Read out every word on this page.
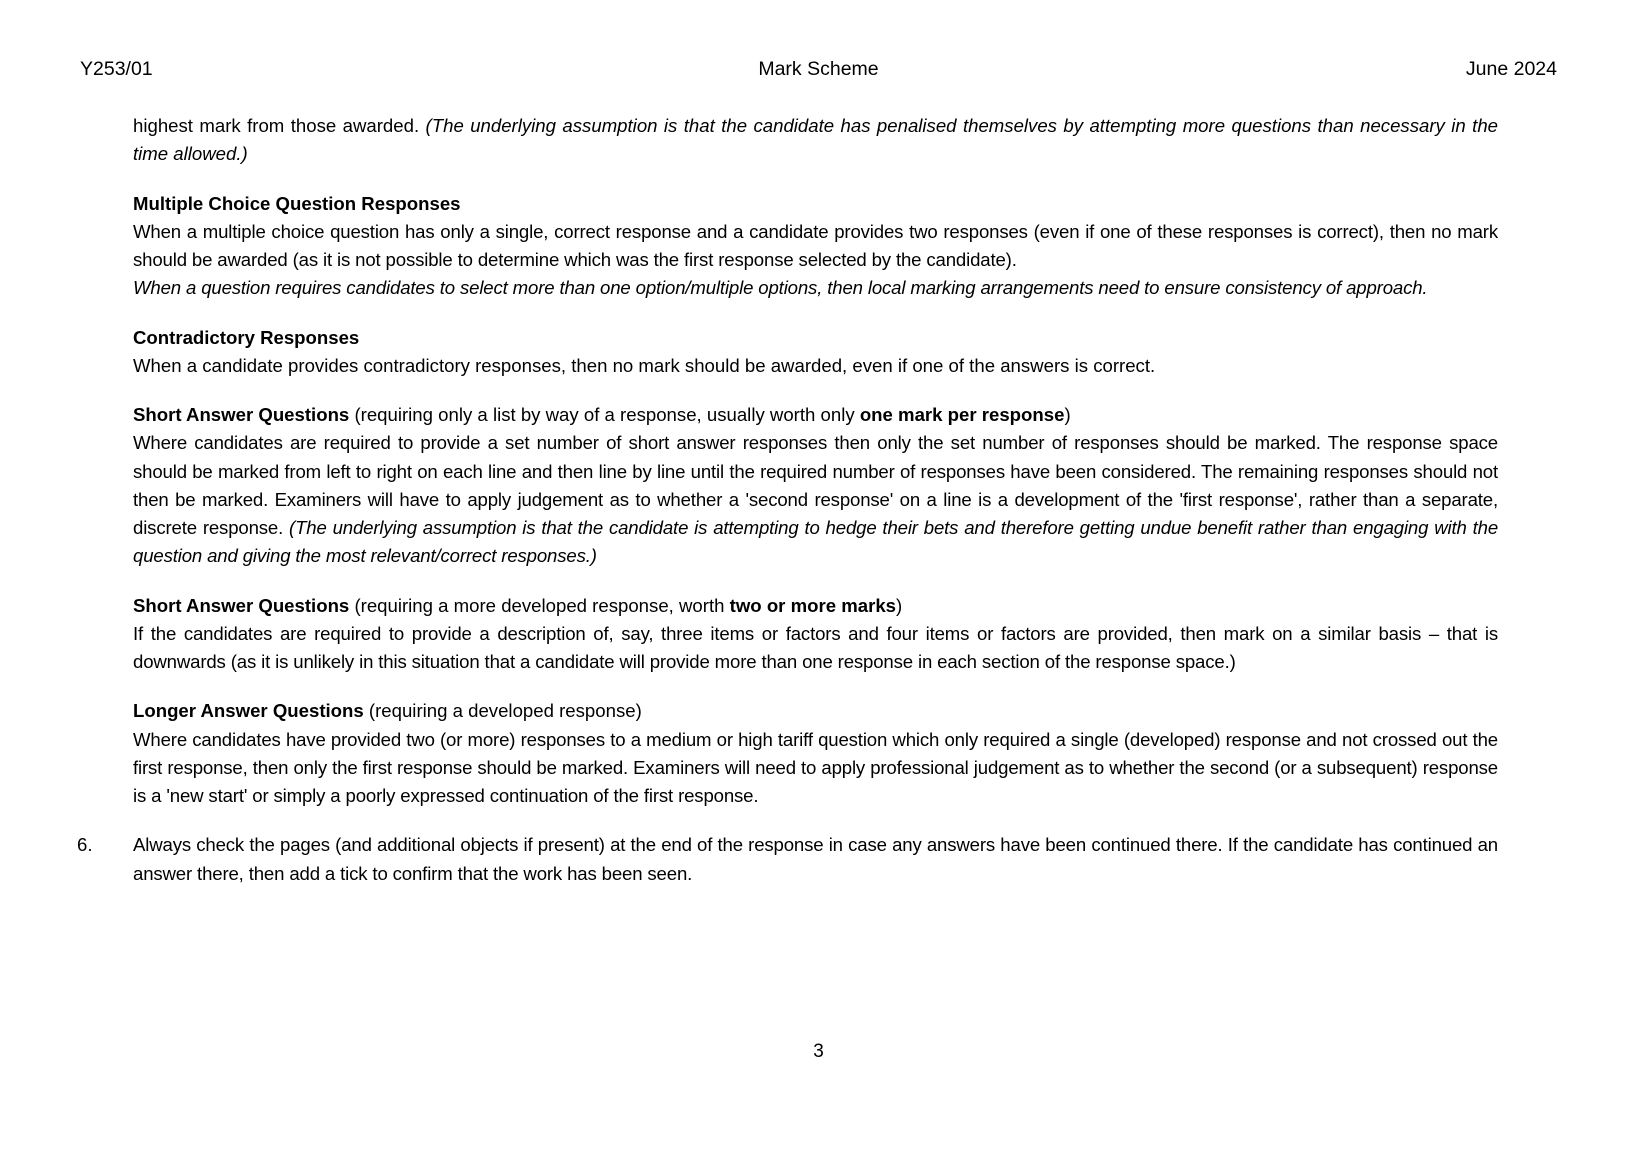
Y253/01	Mark Scheme	June 2024

highest mark from those awarded. (The underlying assumption is that the candidate has penalised themselves by attempting more questions than necessary in the time allowed.)

Multiple Choice Question Responses

When a multiple choice question has only a single, correct response and a candidate provides two responses (even if one of these responses is correct), then no mark should be awarded (as it is not possible to determine which was the first response selected by the candidate).

When a question requires candidates to select more than one option/multiple options, then local marking arrangements need to ensure consistency of approach.

Contradictory Responses

When a candidate provides contradictory responses, then no mark should be awarded, even if one of the answers is correct.

Short Answer Questions (requiring only a list by way of a response, usually worth only one mark per response)

Where candidates are required to provide a set number of short answer responses then only the set number of responses should be marked. The response space should be marked from left to right on each line and then line by line until the required number of responses have been considered. The remaining responses should not then be marked. Examiners will have to apply judgement as to whether a 'second response' on a line is a development of the 'first response', rather than a separate, discrete response. (The underlying assumption is that the candidate is attempting to hedge their bets and therefore getting undue benefit rather than engaging with the question and giving the most relevant/correct responses.)

Short Answer Questions (requiring a more developed response, worth two or more marks)

If the candidates are required to provide a description of, say, three items or factors and four items or factors are provided, then mark on a similar basis – that is downwards (as it is unlikely in this situation that a candidate will provide more than one response in each section of the response space.)

Longer Answer Questions (requiring a developed response)

Where candidates have provided two (or more) responses to a medium or high tariff question which only required a single (developed) response and not crossed out the first response, then only the first response should be marked. Examiners will need to apply professional judgement as to whether the second (or a subsequent) response is a 'new start' or simply a poorly expressed continuation of the first response.

6.	Always check the pages (and additional objects if present) at the end of the response in case any answers have been continued there. If the candidate has continued an answer there, then add a tick to confirm that the work has been seen.
3
